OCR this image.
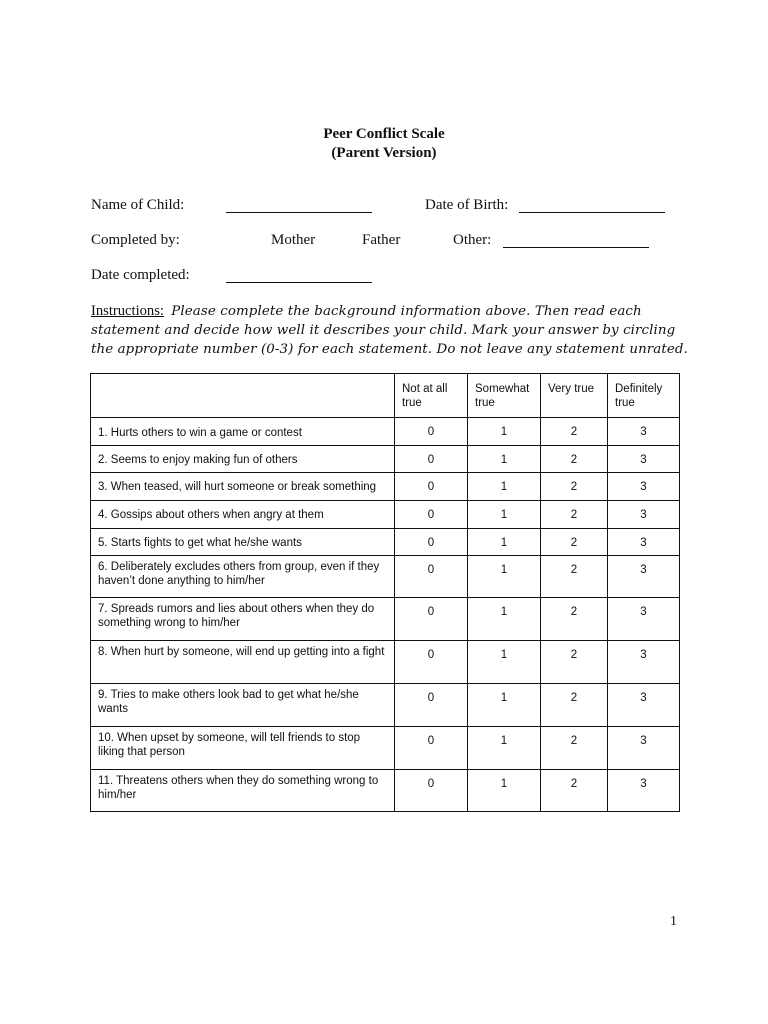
Peer Conflict Scale
(Parent Version)
Name of Child:	Date of Birth:
Completed by:	Mother	Father	Other:
Date completed:
Instructions: Please complete the background information above. Then read each statement and decide how well it describes your child. Mark your answer by circling the appropriate number (0-3) for each statement. Do not leave any statement unrated.
	Not at all true	Somewhat true	Very true	Definitely true
1. Hurts others to win a game or contest	0	1	2	3
2. Seems to enjoy making fun of others	0	1	2	3
3. When teased, will hurt someone or break something	0	1	2	3
4. Gossips about others when angry at them	0	1	2	3
5. Starts fights to get what he/she wants	0	1	2	3
6. Deliberately excludes others from group, even if they haven’t done anything to him/her	0	1	2	3
7. Spreads rumors and lies about others when they do something wrong to him/her	0	1	2	3
8. When hurt by someone, will end up getting into a fight	0	1	2	3
9. Tries to make others look bad to get what he/she wants	0	1	2	3
10. When upset by someone, will tell friends to stop liking that person	0	1	2	3
11. Threatens others when they do something wrong to him/her	0	1	2	3
1
